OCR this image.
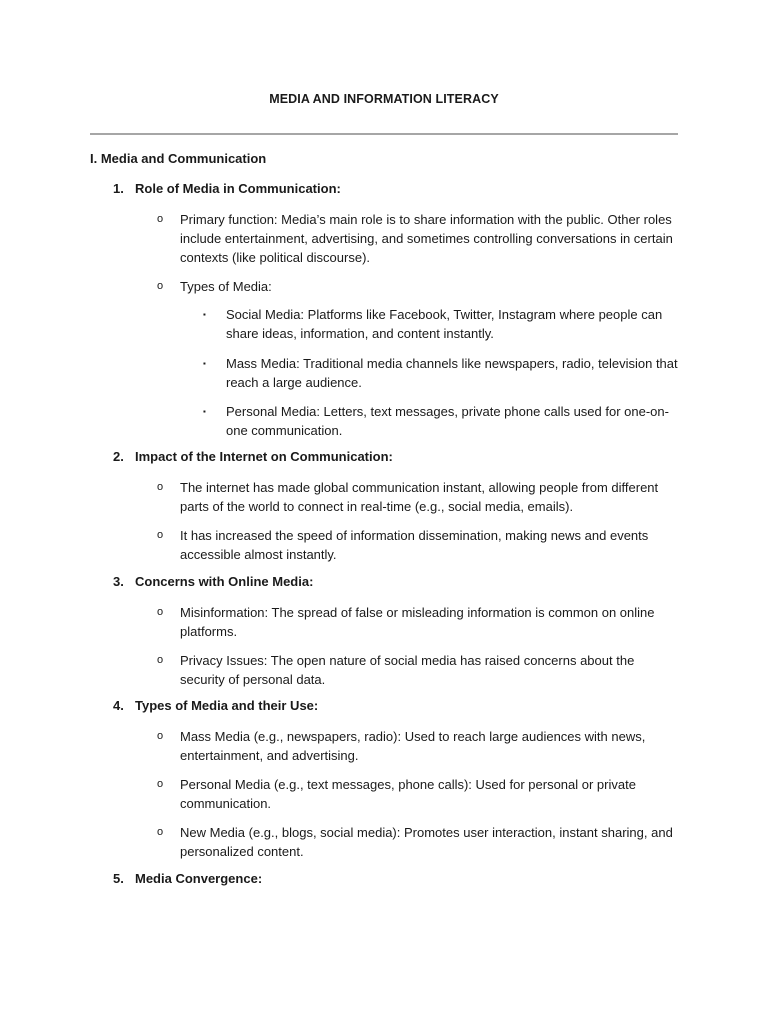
MEDIA AND INFORMATION LITERACY
I. Media and Communication
1. Role of Media in Communication:
o Primary function: Media’s main role is to share information with the public. Other roles include entertainment, advertising, and sometimes controlling conversations in certain contexts (like political discourse).
o Types of Media:
▪ Social Media: Platforms like Facebook, Twitter, Instagram where people can share ideas, information, and content instantly.
▪ Mass Media: Traditional media channels like newspapers, radio, television that reach a large audience.
▪ Personal Media: Letters, text messages, private phone calls used for one-on-one communication.
2. Impact of the Internet on Communication:
o The internet has made global communication instant, allowing people from different parts of the world to connect in real-time (e.g., social media, emails).
o It has increased the speed of information dissemination, making news and events accessible almost instantly.
3. Concerns with Online Media:
o Misinformation: The spread of false or misleading information is common on online platforms.
o Privacy Issues: The open nature of social media has raised concerns about the security of personal data.
4. Types of Media and their Use:
o Mass Media (e.g., newspapers, radio): Used to reach large audiences with news, entertainment, and advertising.
o Personal Media (e.g., text messages, phone calls): Used for personal or private communication.
o New Media (e.g., blogs, social media): Promotes user interaction, instant sharing, and personalized content.
5. Media Convergence:
